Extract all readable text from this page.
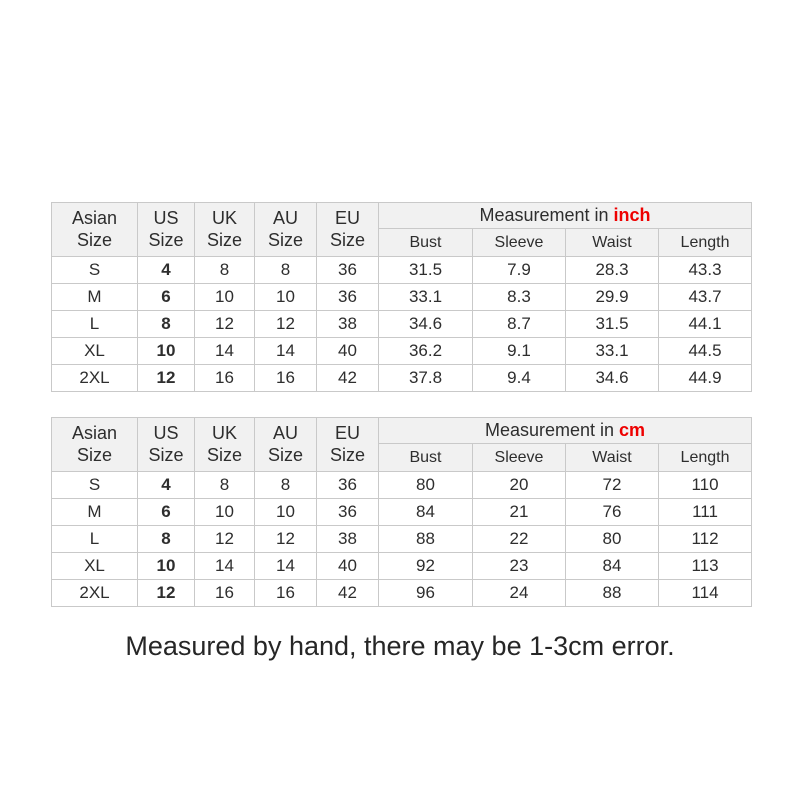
Asian Size	US Size	UK Size	AU Size	EU Size	Measurement in inch			
					Bust	Sleeve	Waist	Length
S	4	8	8	36	31.5	7.9	28.3	43.3
M	6	10	10	36	33.1	8.3	29.9	43.7
L	8	12	12	38	34.6	8.7	31.5	44.1
XL	10	14	14	40	36.2	9.1	33.1	44.5
2XL	12	16	16	42	37.8	9.4	34.6	44.9
Asian Size	US Size	UK Size	AU Size	EU Size	Measurement in cm			
					Bust	Sleeve	Waist	Length
S	4	8	8	36	80	20	72	110
M	6	10	10	36	84	21	76	111
L	8	12	12	38	88	22	80	112
XL	10	14	14	40	92	23	84	113
2XL	12	16	16	42	96	24	88	114

Measured by hand, there may be 1-3cm error.
